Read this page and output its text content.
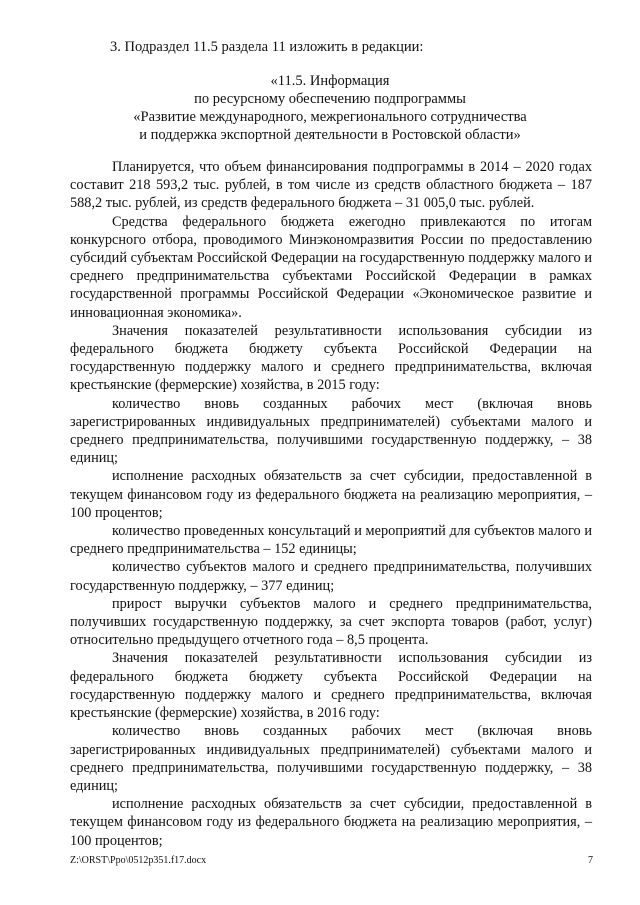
3. Подраздел 11.5 раздела 11 изложить в редакции:
«11.5. Информация
по ресурсному обеспечению подпрограммы
«Развитие международного, межрегионального сотрудничества
и поддержка экспортной деятельности в Ростовской области»

Планируется, что объем финансирования подпрограммы в 2014 – 2020 годах составит 218 593,2 тыс. рублей, в том числе из средств областного бюджета – 187 588,2 тыс. рублей, из средств федерального бюджета – 31 005,0 тыс. рублей.

Средства федерального бюджета ежегодно привлекаются по итогам конкурсного отбора, проводимого Минэкономразвития России по предоставлению субсидий субъектам Российской Федерации на государственную поддержку малого и среднего предпринимательства субъектами Российской Федерации в рамках государственной программы Российской Федерации «Экономическое развитие и инновационная экономика».

Значения показателей результативности использования субсидии из федерального бюджета бюджету субъекта Российской Федерации на государственную поддержку малого и среднего предпринимательства, включая крестьянские (фермерские) хозяйства, в 2015 году:

количество вновь созданных рабочих мест (включая вновь зарегистрированных индивидуальных предпринимателей) субъектами малого и среднего предпринимательства, получившими государственную поддержку, – 38 единиц;

исполнение расходных обязательств за счет субсидии, предоставленной в текущем финансовом году из федерального бюджета на реализацию мероприятия, – 100 процентов;

количество проведенных консультаций и мероприятий для субъектов малого и среднего предпринимательства – 152 единицы;

количество субъектов малого и среднего предпринимательства, получивших государственную поддержку, – 377 единиц;

прирост выручки субъектов малого и среднего предпринимательства, получивших государственную поддержку, за счет экспорта товаров (работ, услуг) относительно предыдущего отчетного года – 8,5 процента.

Значения показателей результативности использования субсидии из федерального бюджета бюджету субъекта Российской Федерации на государственную поддержку малого и среднего предпринимательства, включая крестьянские (фермерские) хозяйства, в 2016 году:

количество вновь созданных рабочих мест (включая вновь зарегистрированных индивидуальных предпринимателей) субъектами малого и среднего предпринимательства, получившими государственную поддержку, – 38 единиц;

исполнение расходных обязательств за счет субсидии, предоставленной в текущем финансовом году из федерального бюджета на реализацию мероприятия, – 100 процентов;

Z:\ORST\Ppo\0512p351.f17.docx	7
